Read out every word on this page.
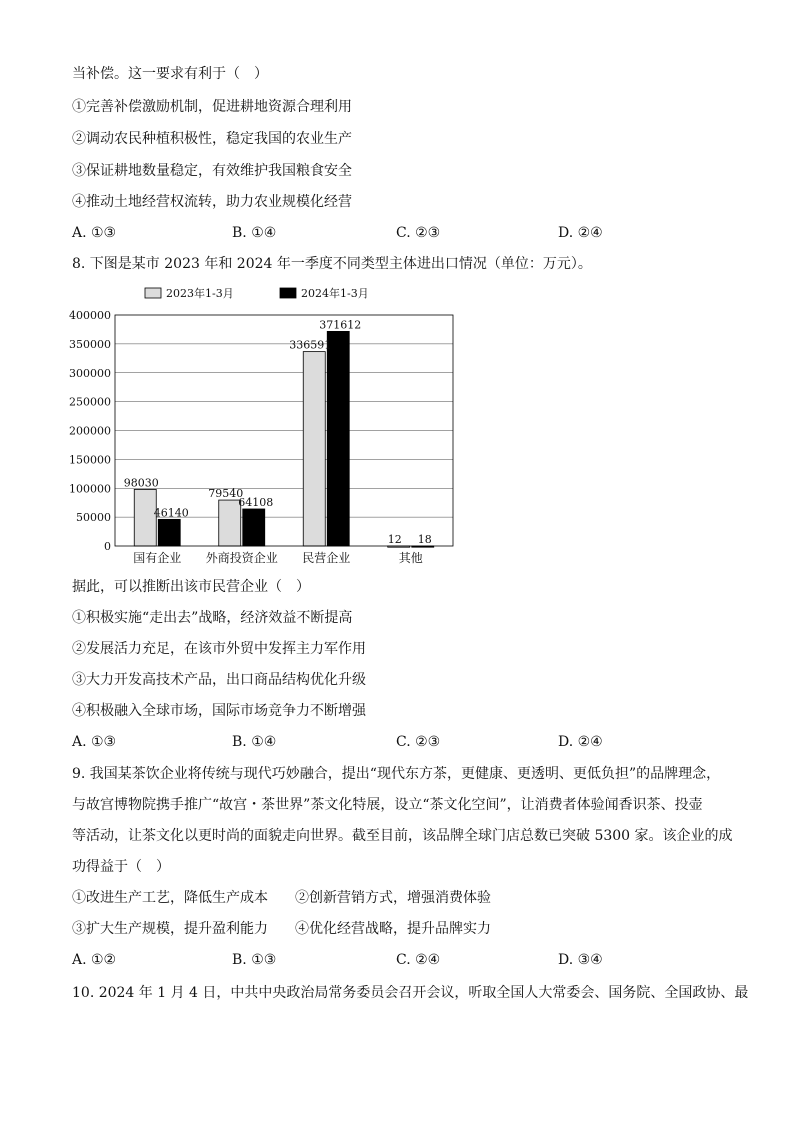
当补偿。这一要求有利于（　）
①完善补偿激励机制，促进耕地资源合理利用
②调动农民种植积极性，稳定我国的农业生产
③保证耕地数量稳定，有效维护我国粮食安全
④推动土地经营权流转，助力农业规模化经营
A. ①③	B. ①④	C. ②③	D. ②④
8. 下图是某市 2023 年和 2024 年一季度不同类型主体进出口情况（单位：万元）。
2023年1-3月	2024年1-3月
0
50000
100000
150000
200000
250000
300000
350000
400000
98030
46140
79540
64108
336591
371612
12 18
国有企业 外商投资企业 民营企业	其他
据此，可以推断出该市民营企业（　）
①积极实施“走出去”战略，经济效益不断提高
②发展活力充足，在该市外贸中发挥主力军作用
③大力开发高技术产品，出口商品结构优化升级
④积极融入全球市场，国际市场竞争力不断增强
A. ①③	B. ①④	C. ②③	D. ②④
9. 我国某茶饮企业将传统与现代巧妙融合，提出“现代东方茶，更健康、更透明、更低负担”的品牌理念，
与故宫博物院携手推广“故宫・茶世界”茶文化特展，设立“茶文化空间”，让消费者体验闻香识茶、投壶
等活动，让茶文化以更时尚的面貌走向世界。截至目前，该品牌全球门店总数已突破 5300 家。该企业的成
功得益于（　）
①改进生产工艺，降低生产成本 ②创新营销方式，增强消费体验
③扩大生产规模，提升盈利能力 ④优化经营战略，提升品牌实力
A. ①②	B. ①③	C. ②④	D. ③④
10. 2024 年 1 月 4 日，中共中央政治局常务委员会召开会议，听取全国人大常委会、国务院、全国政协、最
